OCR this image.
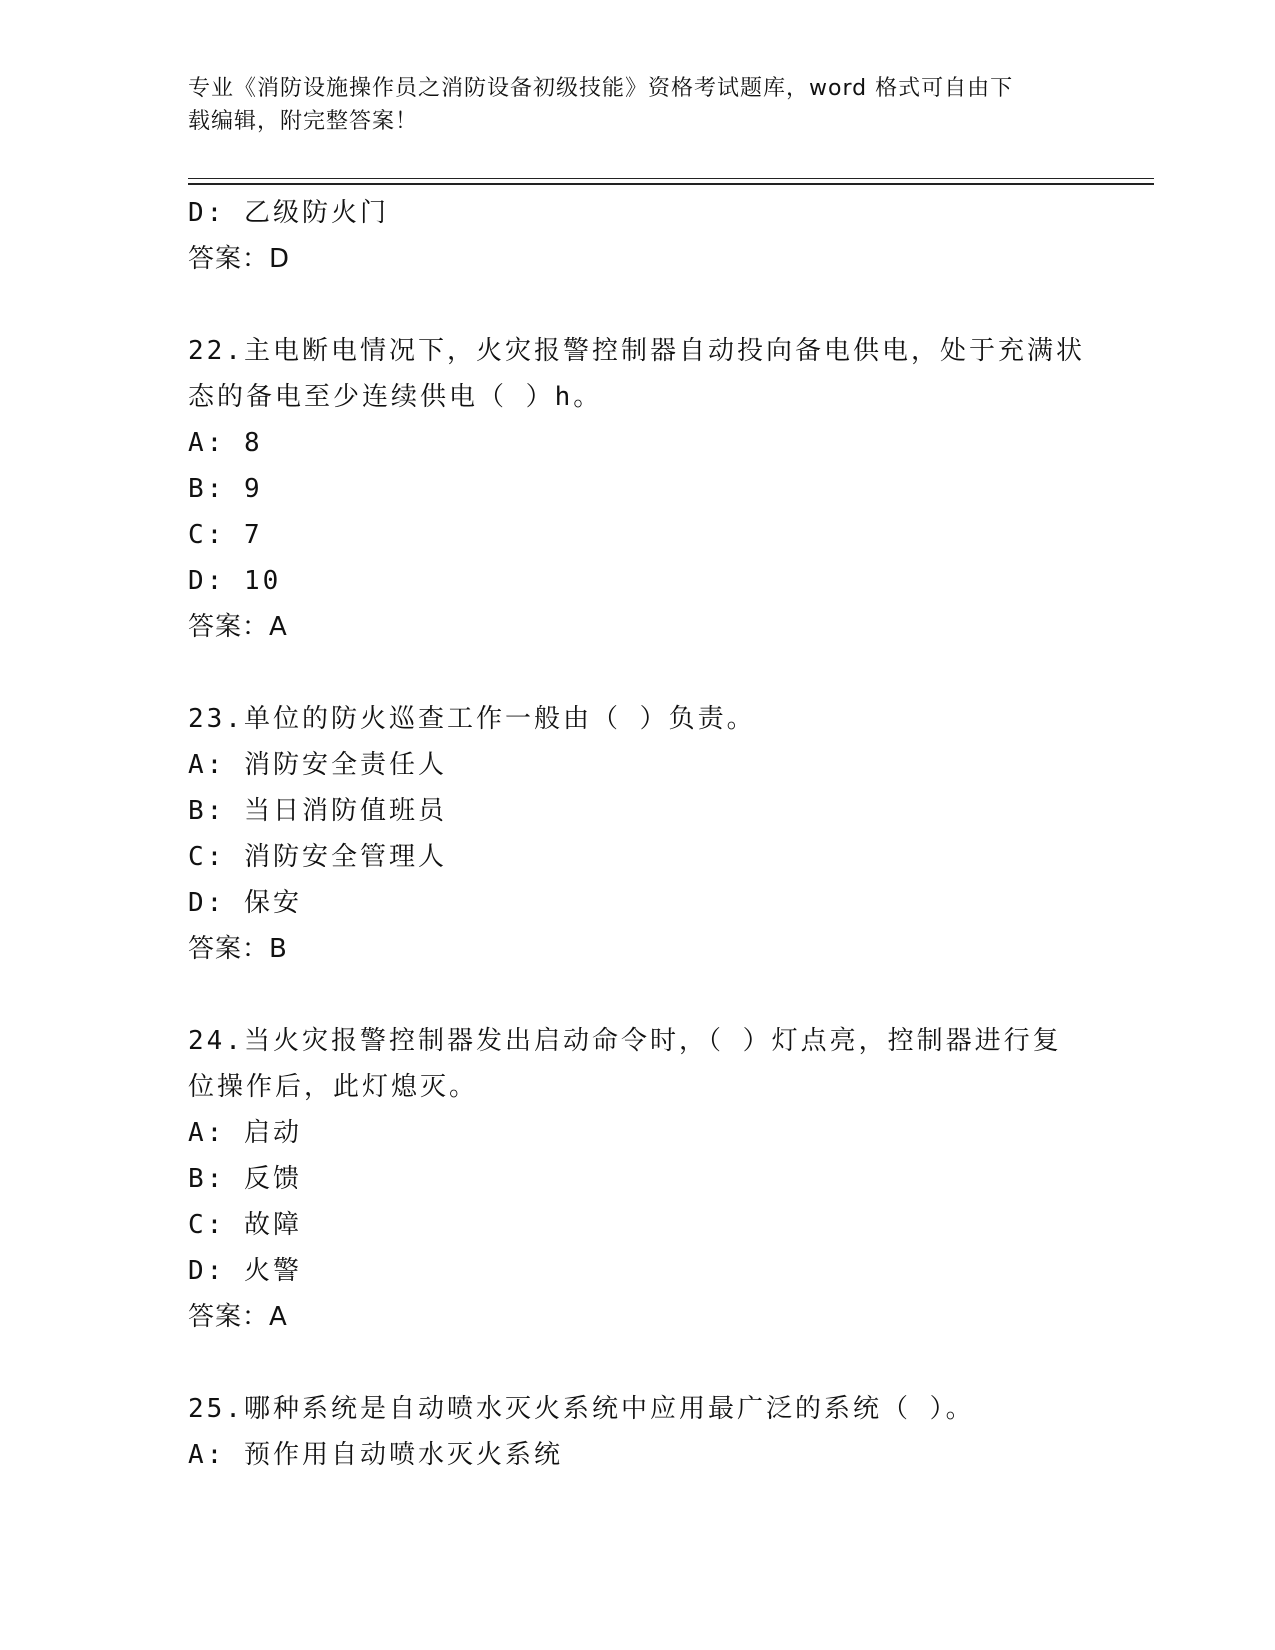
专业《消防设施操作员之消防设备初级技能》资格考试题库，word 格式可自由下
载编辑，附完整答案！
D: 乙级防火门
答案：D
22.主电断电情况下，火灾报警控制器自动投向备电供电，处于充满状
态的备电至少连续供电（ ）h。
A: 8
B: 9
C: 7
D: 10
答案：A
23.单位的防火巡查工作一般由（ ）负责。
A: 消防安全责任人
B: 当日消防值班员
C: 消防安全管理人
D: 保安
答案：B
24.当火灾报警控制器发出启动命令时，（ ）灯点亮，控制器进行复
位操作后，此灯熄灭。
A: 启动
B: 反馈
C: 故障
D: 火警
答案：A
25.哪种系统是自动喷水灭火系统中应用最广泛的系统（ ）。
A: 预作用自动喷水灭火系统
